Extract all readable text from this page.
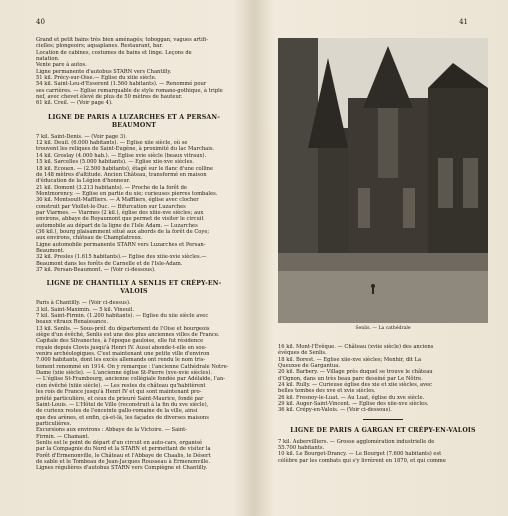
40
Grand et petit bains très bien aménagés; toboggan, vagues artifi-
cielles; plongeoirs; aquaplanes. Restaurant, bar.
Location de cabines, costumes de bains et linge. Leçons de
natation.
Vente pare à autos.
Ligne permanente d'autobus STARN vers Chantilly.
51 kil. Précy-sur-Oise.— Eglise du xiiie siècle.
54 kil. Saint-Leu-d'Esserent (1.560 habitants). — Renommé pour
ses carrières. — Eglise remarquable de style romano-gothique, à triple
nef, avec chevet élevé de plus de 50 mètres de hauteur.
61 kil. Creil. — (Voir page 4).
LIGNE DE PARIS A LUZARCHES ET A PERSAN-BEAUMONT
7 kil. Saint-Denis. — (Voir page 3).
12 kil. Deuil. (6.000 habitants). — Eglise xiie siècle, où se
trouvent les reliques de Saint-Eugène, à proximité du lac Marchais.
14 kil. Groslay (4.000 hab.). — Eglise xvie siècle (beaux vitraux).
15 kil. Sarcelles (5.000 habitants). — Eglise xiie-xve siècles.
18 kil. Ecouen. — (2.500 habitants), étagé sur le flanc d'une colline
de 148 mètres d'altitude. Ancien Château, transformé en maison
d'éducation de la Légion d'honneur.
21 kil. Domont (3.213 habitants). — Proche de la forêt de
Montmorency. — Eglise en partie du xie; curieuses pierres tombales.
30 kil. Montsoult-Maffliers. — A Maffliers, église avec clocher
construit par Viollet-le-Duc. — Bifurcation sur Luzarches
par Viarmes. — Viarmes (2 kil.), église des xiiie-xve siècles; aux
environs, abbaye de Royaumont que permet de visiter le circuit
automobile au départ de la ligne de l'Isle Adam. — Luzarches
(36 kil.), bourg plaisamment situé aux abords de la forêt de Coye;
aux environs, château de Champlatreux.
Ligne automobile permanente STARN vers Luzarches et Persan-
Beaumont.
32 kil. Presles (1.615 habitants).— Eglise des xiiie-xvie siècles.—
Beaumont dans les forêts de Carnelle et de l'Isle-Adam.
37 kil. Persan-Beaumont. — (Voir ci-dessous).
LIGNE DE CHANTILLY A SENLIS ET CRÉPY-EN-VALOIS
Paris à Chantilly. — (Voir ci-dessus).
3 kil. Saint-Maximin. — 5 kil. Vineuil.
7 kil. Saint-Firmin. (1.200 habitants). — Eglise du xiie siècle avec
beaux vitraux Renaissance.
13 kil. Senlis. — Sous-préf. du département de l'Oise et bourgeois
siège d'un évêché, Senlis est une des plus anciennes villes de France.
Capitale des Silvanectes, à l'époque gauloise, elle fut résidence
royale depuis Clovis jusqu'à Henri IV. Aussi abonde-t-elle en sou-
venirs archéologiques. C'est maintenant une petite ville d'environ
7.000 habitants, dont les excès allemands ont rendu le nom tris-
tement renommé en 1914. On y remarque : l'ancienne Cathédrale Notre-
Dame (xiie siècle). — L'ancienne église St-Pierre (xve-xvie siècles).
— L'église St-Frambourg, ancienne collégiale fondée par Adélaïde, l'an-
cien évêché (xiiie siècle). — Les restes du château qu'habitèrent
les rois de France jusqu'à Henri IV et qui sont maintenant pro-
priété particulière, et ceux du prieuré Saint-Maurice, fondé par
Saint-Louis. — L'Hôtel de Ville (reconstruit à la fin du xve siècle),
de curieux restes de l'enceinte gallo-romaine de la ville, ainsi
que des arènes, et enfin, çà-et-là, les façades de diverses maisons
particulières.
Excursions aux environs : Abbaye de la Victoire. — Saint-
Firmin. — Chamant.
Senlis est le point de départ d'un circuit en auto-cars, organisé
par la Compagnie du Nord et la STARN et permettant de visiter la
Forêt d'Ermenonville, le Château et l'Abbaye de Chaalis, le Désert
de sable et le Tombeau de Jean-Jacques Rousseau à Ermenonville.
Lignes régulières d'autobus STARN vers Compiègne et Chantilly.
41
Senlis. — La cathédrale
16 kil. Mont-l'Évêque. — Château (xviie siècle) des anciens
évêques de Senlis.
18 kil. Borest. — Eglise xiie-xve siècles; Menhir, dit La
Queuxse de Gargantua.
20 kil. Barbery. — Village près duquel se trouve le château
d'Ognon, dans un très beau parc dessiné par Le Nôtre.
24 kil. Rully. — Curieuse église des xie et xiie siècles, avec
belles tombes des xve et xvie siècles.
26 kil. Fresnoy-le-Luat. — Au Luat, église du xve siècle.
29 kil. Auger-Saint-Vincent. — Eglise des xiie-xve siècles.
36 kil. Crépy-en-Valois. — (Voir ci-dessous).
LIGNE DE PARIS A GARGAN ET CRÉPY-EN-VALOIS
7 kil. Aubervilliers. — Grosse agglomération industrielle de
55.700 habitants.
10 kil. Le Bourget-Drancy. — Le Bourget (7.600 habitants) est
célèbre par les combats qui s'y livrèrent en 1870, et qui comme
